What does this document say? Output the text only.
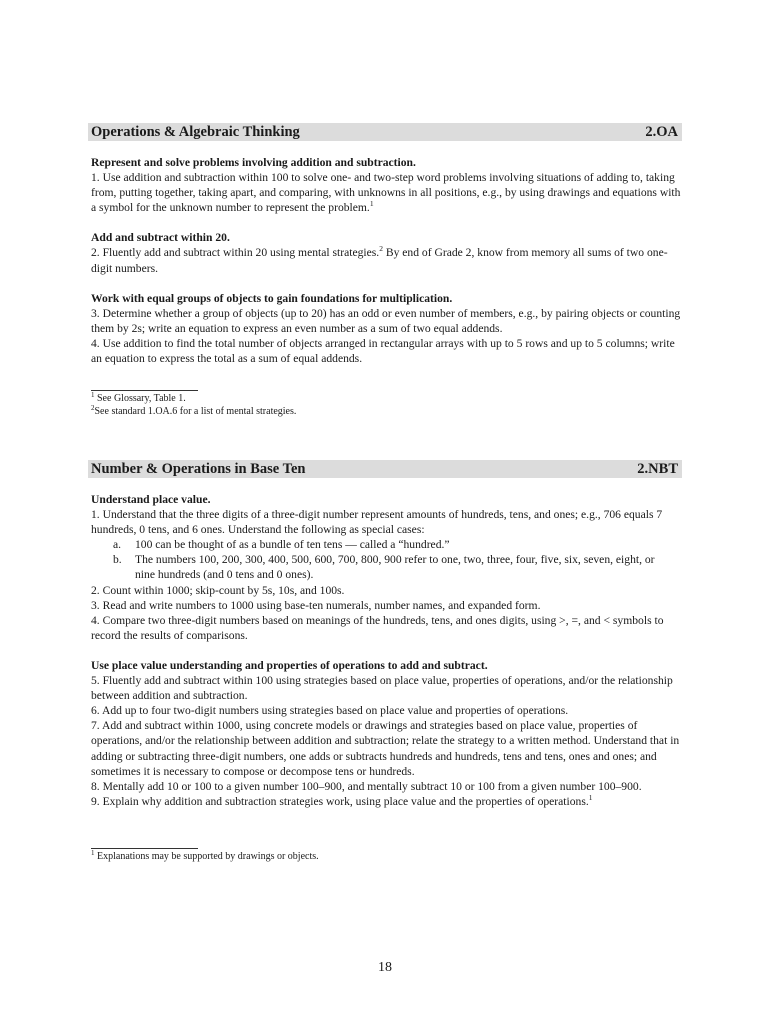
Operations & Algebraic Thinking	2.OA

Represent and solve problems involving addition and subtraction.

1. Use addition and subtraction within 100 to solve one- and two-step word problems involving situations of adding to, taking from, putting together, taking apart, and comparing, with unknowns in all positions, e.g., by using drawings and equations with a symbol for the unknown number to represent the problem.$^1$

Add and subtract within 20.

2. Fluently add and subtract within 20 using mental strategies.$^2$ By end of Grade 2, know from memory all sums of two one-digit numbers.

Work with equal groups of objects to gain foundations for multiplication.

3. Determine whether a group of objects (up to 20) has an odd or even number of members, e.g., by pairing objects or counting them by 2s; write an equation to express an even number as a sum of two equal addends.

4. Use addition to find the total number of objects arranged in rectangular arrays with up to 5 rows and up to 5 columns; write an equation to express the total as a sum of equal addends.

$^1$ See Glossary, Table 1.

$^2$See standard 1.OA.6 for a list of mental strategies.

Number & Operations in Base Ten	2.NBT

Understand place value.

1. Understand that the three digits of a three-digit number represent amounts of hundreds, tens, and ones; e.g., 706 equals 7 hundreds, 0 tens, and 6 ones. Understand the following as special cases:

a.	100 can be thought of as a bundle of ten tens — called a “hundred.”
b.	The numbers 100, 200, 300, 400, 500, 600, 700, 800, 900 refer to one, two, three, four, five, six, seven, eight, or nine hundreds (and 0 tens and 0 ones).

2. Count within 1000; skip-count by 5s, 10s, and 100s.

3. Read and write numbers to 1000 using base-ten numerals, number names, and expanded form.

4. Compare two three-digit numbers based on meanings of the hundreds, tens, and ones digits, using >, =, and < symbols to record the results of comparisons.

Use place value understanding and properties of operations to add and subtract.

5. Fluently add and subtract within 100 using strategies based on place value, properties of operations, and/or the relationship between addition and subtraction.

6. Add up to four two-digit numbers using strategies based on place value and properties of operations.

7. Add and subtract within 1000, using concrete models or drawings and strategies based on place value, properties of operations, and/or the relationship between addition and subtraction; relate the strategy to a written method. Understand that in adding or subtracting three-digit numbers, one adds or subtracts hundreds and hundreds, tens and tens, ones and ones; and sometimes it is necessary to compose or decompose tens or hundreds.

8. Mentally add 10 or 100 to a given number 100–900, and mentally subtract 10 or 100 from a given number 100–900.

9. Explain why addition and subtraction strategies work, using place value and the properties of operations.$^1$

$^1$ Explanations may be supported by drawings or objects.

18
